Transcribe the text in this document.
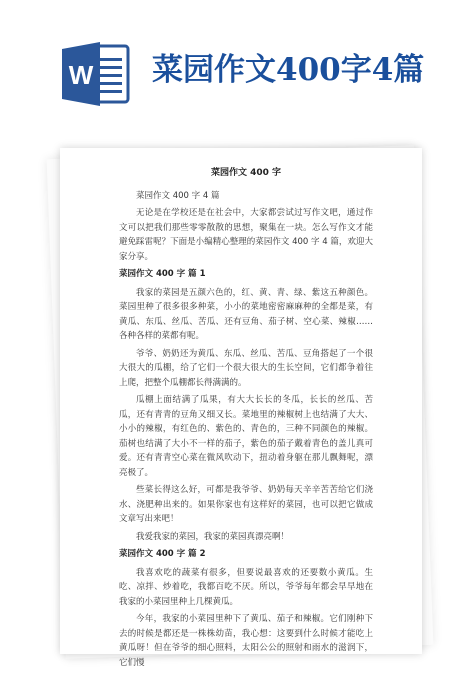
W 菜园作文400字4篇
菜园作文 400 字

菜园作文 400 字 4 篇

无论是在学校还是在社会中，大家都尝试过写作文吧，通过作文可以把我们那些零零散散的思想，聚集在一块。怎么写作文才能避免踩雷呢？下面是小编精心整理的菜园作文 400 字 4 篇，欢迎大家分享。

菜园作文 400 字 篇 1

我家的菜园是五颜六色的，红、黄、青、绿、紫这五种颜色。菜园里种了很多很多种菜，小小的菜地密密麻麻种的全都是菜，有黄瓜、东瓜、丝瓜、苦瓜、还有豆角、茄子树、空心菜、辣椒……各种各样的菜都有呢。

爷爷、奶奶还为黄瓜、东瓜、丝瓜、苦瓜、豆角搭起了一个很大很大的瓜棚，给了它们一个很大很大的生长空间，它们都争着往上爬，把整个瓜棚都长得满满的。

瓜棚上面结满了瓜果，有大大长长的冬瓜，长长的丝瓜、苦瓜，还有青青的豆角又细又长。菜地里的辣椒树上也结满了大大、小小的辣椒，有红色的、紫色的、青色的，三种不同颜色的辣椒。茄树也结满了大小不一样的茄子，紫色的茄子戴着青色的盖儿真可爱。还有青青空心菜在微风吹动下，扭动着身躯在那儿飘舞呢，漂亮极了。

些菜长得这么好，可都是我爷爷、奶奶每天辛辛苦苦给它们浇水、浇肥种出来的。如果你家也有这样好的菜园，也可以把它做成文章写出来吧！

我爱我家的菜园，我家的菜园真漂亮啊！

菜园作文 400 字 篇 2

我喜欢吃的蔬菜有很多，但要说最喜欢的还要数小黄瓜。生吃、凉拌、炒着吃，我都百吃不厌。所以，爷爷每年都会早早地在我家的小菜园里种上几棵黄瓜。

今年，我家的小菜园里种下了黄瓜、茄子和辣椒。它们刚种下去的时候是都还是一株株幼苗，我心想：这要到什么时候才能吃上黄瓜呀！但在爷爷的细心照料，太阳公公的照射和雨水的滋润下，它们慢
